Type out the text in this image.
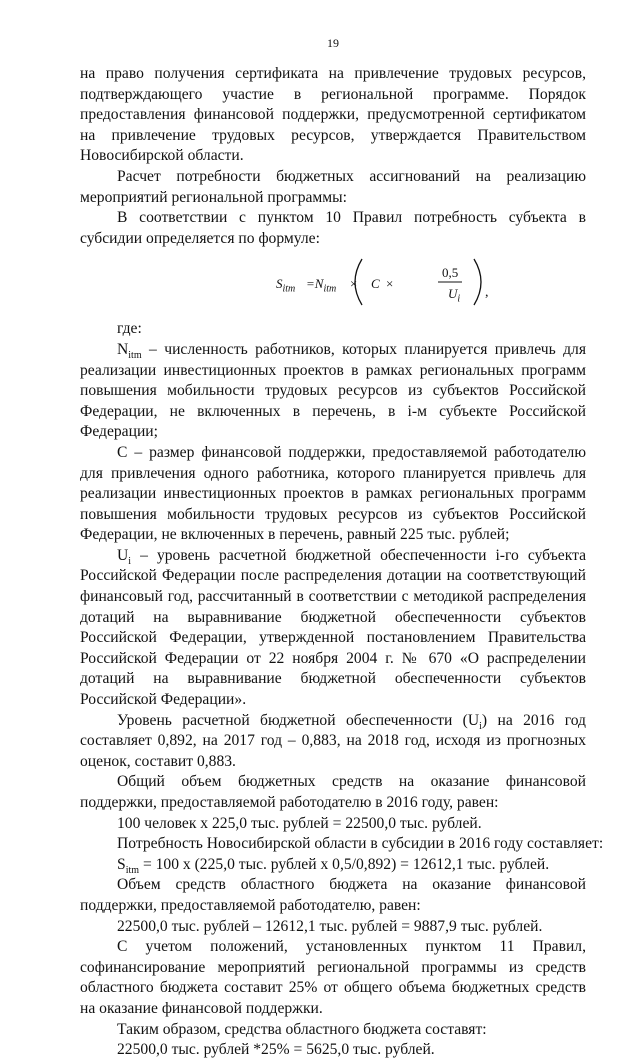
19

на право получения сертификата на привлечение трудовых ресурсов, подтверждающего участие в региональной программе. Порядок предоставления финансовой поддержки, предусмотренной сертификатом на привлечение трудовых ресурсов, утверждается Правительством Новосибирской области.

Расчет потребности бюджетных ассигнований на реализацию мероприятий региональной программы:

В соответствии с пунктом 10 Правил потребность субъекта в субсидии определяется по формуле:

$S_{itm} =N_{itm} \times C$ ×
0,5
$U_i$ ,

где:

$N_{itm}$ – численность работников, которых планируется привлечь для реализации инвестиционных проектов в рамках региональных программ повышения мобильности трудовых ресурсов из субъектов Российской Федерации, не включенных в перечень, в i-м субъекте Российской Федерации;

С – размер финансовой поддержки, предоставляемой работодателю для привлечения одного работника, которого планируется привлечь для реализации инвестиционных проектов в рамках региональных программ повышения мобильности трудовых ресурсов из субъектов Российской Федерации, не включенных в перечень, равный 225 тыс. рублей;

$U_i$ – уровень расчетной бюджетной обеспеченности i-го субъекта Российской Федерации после распределения дотации на соответствующий финансовый год, рассчитанный в соответствии с методикой распределения дотаций на выравнивание бюджетной обеспеченности субъектов Российской Федерации, утвержденной постановлением Правительства Российской Федерации от 22 ноября 2004 г. № 670 «О распределении дотаций на выравнивание бюджетной обеспеченности субъектов Российской Федерации».

Уровень расчетной бюджетной обеспеченности $(U_i)$ на 2016 год составляет 0,892, на 2017 год – 0,883, на 2018 год, исходя из прогнозных оценок, составит 0,883.

Общий объем бюджетных средств на оказание финансовой поддержки, предоставляемой работодателю в 2016 году, равен:

100 человек х 225,0 тыс. рублей = 22500,0 тыс. рублей.

Потребность Новосибирской области в субсидии в 2016 году составляет:

$S_{itm} = 100$ х (225,0 тыс. рублей х 0,5/0,892) = 12612,1 тыс. рублей.

Объем средств областного бюджета на оказание финансовой поддержки, предоставляемой работодателю, равен:

22500,0 тыс. рублей – 12612,1 тыс. рублей = 9887,9 тыс. рублей.

С учетом положений, установленных пунктом 11 Правил, софинансирование мероприятий региональной программы из средств областного бюджета составит 25% от общего объема бюджетных средств на оказание финансовой поддержки.

Таким образом, средства областного бюджета составят:

22500,0 тыс. рублей *25% = 5625,0 тыс. рублей.
